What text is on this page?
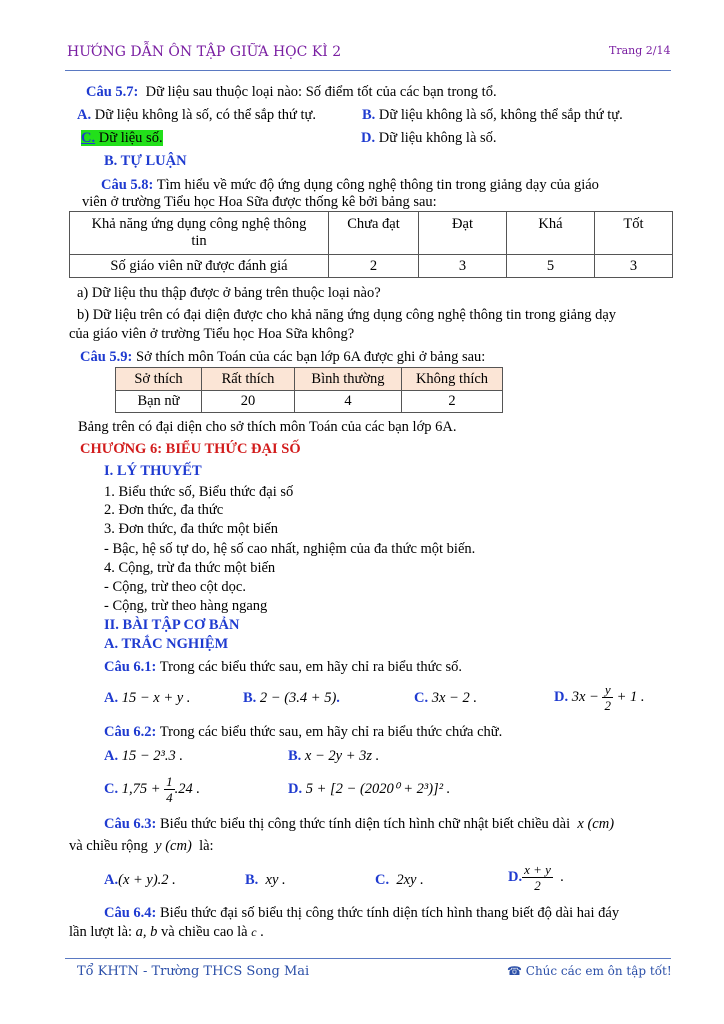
HƯỚNG DẪN ÔN TẬP GIỮA HỌC KÌ 2	Trang 2/14
Câu 5.7: Dữ liệu sau thuộc loại nào: Số điểm tốt của các bạn trong tổ.
A. Dữ liệu không là số, có thể sắp thứ tự.	B. Dữ liệu không là số, không thể sắp thứ tự.
C. Dữ liệu số.	D. Dữ liệu không là số.
B. TỰ LUẬN
Câu 5.8: Tìm hiểu về mức độ ứng dụng công nghệ thông tin trong giảng dạy của giáo
viên ở trường Tiểu học Hoa Sữa được thống kê bởi bảng sau:
Khả năng ứng dụng công nghệ thông
tin	Chưa đạt	Đạt	Khá	Tốt
Số giáo viên nữ được đánh giá	2	3	5	3
a) Dữ liệu thu thập được ở bảng trên thuộc loại nào?
b) Dữ liệu trên có đại diện được cho khả năng ứng dụng công nghệ thông tin trong giảng dạy
của giáo viên ở trường Tiểu học Hoa Sữa không?
Câu 5.9: Sở thích môn Toán của các bạn lớp 6A được ghi ở bảng sau:
Sở thích	Rất thích	Bình thường	Không thích
Bạn nữ	20	4	2
Bảng trên có đại diện cho sở thích môn Toán của các bạn lớp 6A.
CHƯƠNG 6: BIỂU THỨC ĐẠI SỐ
I. LÝ THUYẾT
1. Biểu thức số, Biểu thức đại số
2. Đơn thức, đa thức
3. Đơn thức, đa thức một biến
- Bậc, hệ số tự do, hệ số cao nhất, nghiệm của đa thức một biến.
4. Cộng, trừ đa thức một biến
- Cộng, trừ theo cột dọc.
- Cộng, trừ theo hàng ngang
II. BÀI TẬP CƠ BẢN
A. TRẮC NGHIỆM
Câu 6.1: Trong các biểu thức sau, em hãy chỉ ra biểu thức số.
A. 15 − x + y .	B. 2 − (3.4 + 5).	C. 3x − 2 .	D. $3x - \frac{y}{2} + 1$ .
Câu 6.2: Trong các biểu thức sau, em hãy chỉ ra biểu thức chứa chữ.
A. 15 − 2³.3 .	B. x − 2y + 3z .
C. $1,75 + \frac{1}{4} .24$ .	D. 5 + [2 − (2020⁰ + 2³)]² .
Câu 6.3: Biểu thức biểu thị công thức tính diện tích hình chữ nhật biết chiều dài x (cm)
và chiều rộng y (cm) là:
A.(x + y).2 .	B. xy .	C. 2xy .	D. $\frac{x + y}{2}$ .
Câu 6.4: Biểu thức đại số biểu thị công thức tính diện tích hình thang biết độ dài hai đáy
lần lượt là: a, b và chiều cao là c .
Tổ KHTN - Trường THCS Song Mai	☎ Chúc các em ôn tập tốt!
